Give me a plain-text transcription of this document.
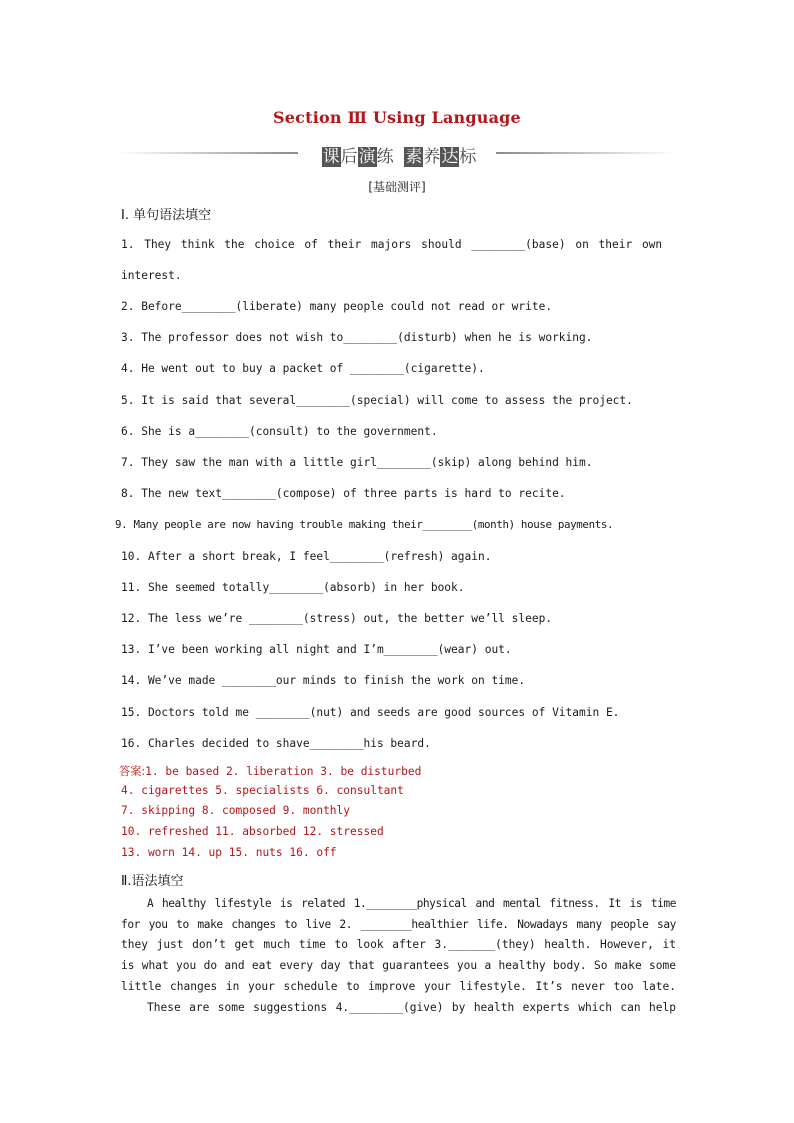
Section Ⅲ Using Language
课后演练 素养达标
[基础测评]
Ⅰ. 单句语法填空
1. They think the choice of their majors should ________(base) on their own
interest.
2. Before________(liberate) many people could not read or write.
3. The professor does not wish to________(disturb) when he is working.
4. He went out to buy a packet of ________(cigarette).
5. It is said that several________(special) will come to assess the project.
6. She is a________(consult) to the government.
7. They saw the man with a little girl________(skip) along behind him.
8. The new text________(compose) of three parts is hard to recite.
9. Many people are now having trouble making their________(month) house payments.
10. After a short break, I feel________(refresh) again.
11. She seemed totally________(absorb) in her book.
12. The less we’re ________(stress) out, the better we’ll sleep.
13. I’ve been working all night and I’m________(wear) out.
14. We’ve made ________our minds to finish the work on time.
15. Doctors told me ________(nut) and seeds are good sources of Vitamin E.
16. Charles decided to shave________his beard.
答案:1. be based 2. liberation 3. be disturbed
4. cigarettes 5. specialists 6. consultant
7. skipping 8. composed 9. monthly
10. refreshed 11. absorbed 12. stressed
13. worn 14. up 15. nuts 16. off
Ⅱ.语法填空
A healthy lifestyle is related 1.________physical and mental fitness. It is time
for you to make changes to live 2. ________healthier life. Nowadays many people say
they just don’t get much time to look after 3._______(they) health. However, it
is what you do and eat every day that guarantees you a healthy body. So make some
little changes in your schedule to improve your lifestyle. It’s never too late.
These are some suggestions 4.________(give) by health experts which can help
